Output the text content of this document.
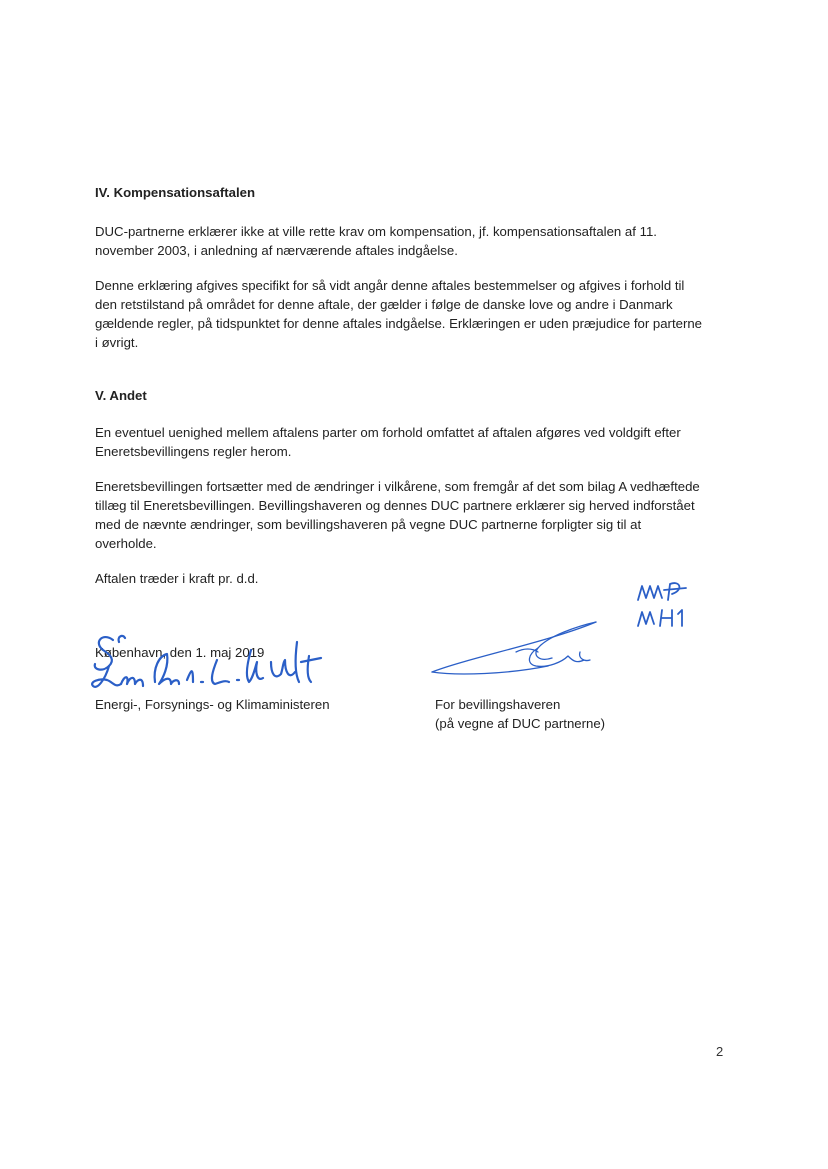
IV. Kompensationsaftalen
DUC-partnerne erklærer ikke at ville rette krav om kompensation, jf. kompensationsaftalen af 11.
november 2003, i anledning af nærværende aftales indgåelse.
Denne erklæring afgives specifikt for så vidt angår denne aftales bestemmelser og afgives i forhold til
den retstilstand på området for denne aftale, der gælder i følge de danske love og andre i Danmark
gældende regler, på tidspunktet for denne aftales indgåelse. Erklæringen er uden præjudice for parterne
i øvrigt.
V. Andet
En eventuel uenighed mellem aftalens parter om forhold omfattet af aftalen afgøres ved voldgift efter
Eneretsbevillingens regler herom.
Eneretsbevillingen fortsætter med de ændringer i vilkårene, som fremgår af det som bilag A vedhæftede
tillæg til Eneretsbevillingen. Bevillingshaveren og dennes DUC partnere erklærer sig herved indforstået
med de nævnte ændringer, som bevillingshaveren på vegne DUC partnerne forpligter sig til at
overholde.
Aftalen træder i kraft pr. d.d.
København, den 1. maj 2019
Energi-, Forsynings- og Klimaministeren	For bevillingshaveren
(på vegne af DUC partnerne)
2
